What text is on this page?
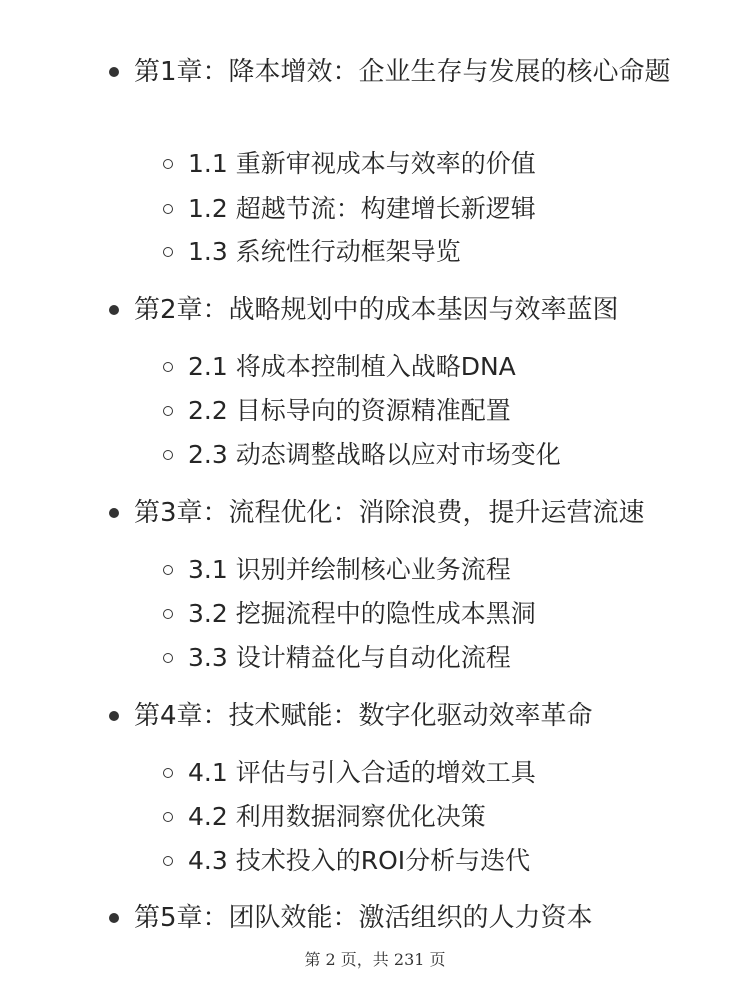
第1章：降本增效：企业生存与发展的核心命题
1.1 重新审视成本与效率的价值
1.2 超越节流：构建增长新逻辑
1.3 系统性行动框架导览
第2章：战略规划中的成本基因与效率蓝图
2.1 将成本控制植入战略DNA
2.2 目标导向的资源精准配置
2.3 动态调整战略以应对市场变化
第3章：流程优化：消除浪费，提升运营流速
3.1 识别并绘制核心业务流程
3.2 挖掘流程中的隐性成本黑洞
3.3 设计精益化与自动化流程
第4章：技术赋能：数字化驱动效率革命
4.1 评估与引入合适的增效工具
4.2 利用数据洞察优化决策
4.3 技术投入的ROI分析与迭代
第5章：团队效能：激活组织的人力资本
第 2 页，共 231 页
